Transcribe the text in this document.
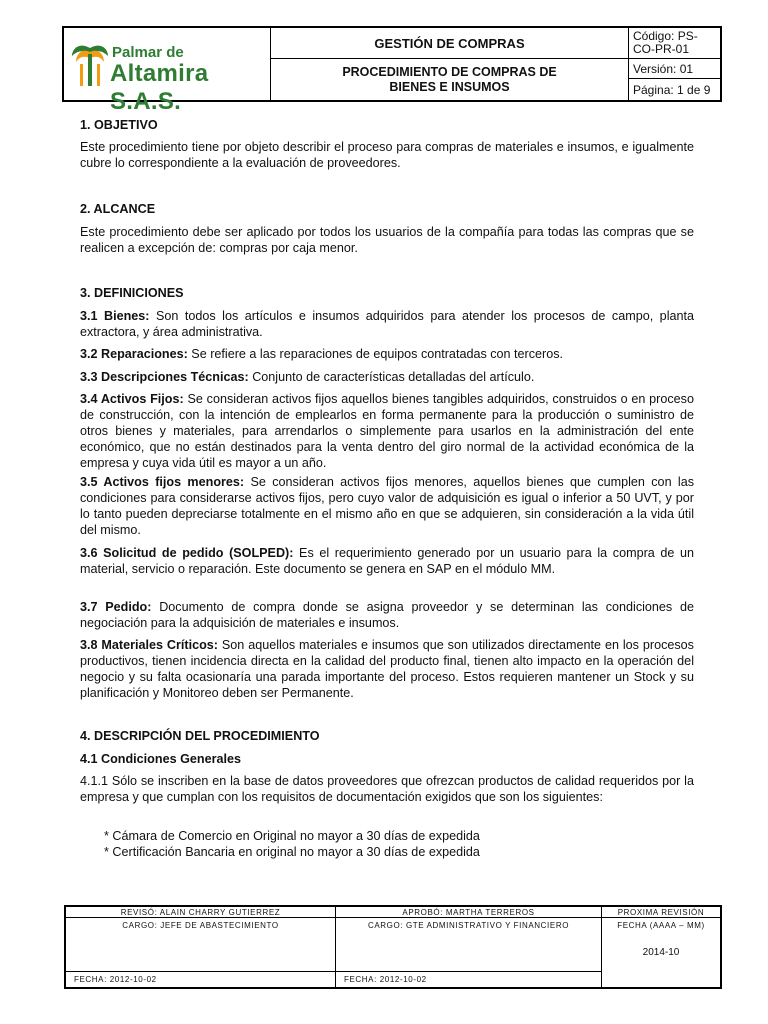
Palmar de
Altamira S.A.S.
GESTIÓN DE COMPRAS
PROCEDIMIENTO DE COMPRAS DE
BIENES E INSUMOS
Código: PS-CO-PR-01
Versión: 01
Página: 1 de 9
1. OBJETIVO

Este procedimiento tiene por objeto describir el proceso para compras de materiales e insumos, e igualmente cubre lo correspondiente a la evaluación de proveedores.

2. ALCANCE

Este procedimiento debe ser aplicado por todos los usuarios de la compañía para todas las compras que se realicen a excepción de: compras por caja menor.

3. DEFINICIONES

3.1 Bienes: Son todos los artículos e insumos adquiridos para atender los procesos de campo, planta extractora, y área administrativa.

3.2 Reparaciones: Se refiere a las reparaciones de equipos contratadas con terceros.

3.3 Descripciones Técnicas: Conjunto de características detalladas del artículo.

3.4 Activos Fijos: Se consideran activos fijos aquellos bienes tangibles adquiridos, construidos o en proceso de construcción, con la intención de emplearlos en forma permanente para la producción o suministro de otros bienes y materiales, para arrendarlos o simplemente para usarlos en la administración del ente económico, que no están destinados para la venta dentro del giro normal de la actividad económica de la empresa y cuya vida útil es mayor a un año.

3.5 Activos fijos menores: Se consideran activos fijos menores, aquellos bienes que cumplen con las condiciones para considerarse activos fijos, pero cuyo valor de adquisición es igual o inferior a 50 UVT, y por lo tanto pueden depreciarse totalmente en el mismo año en que se adquieren, sin consideración a la vida útil del mismo.

3.6 Solicitud de pedido (SOLPED): Es el requerimiento generado por un usuario para la compra de un material, servicio o reparación. Este documento se genera en SAP en el módulo MM.

3.7 Pedido: Documento de compra donde se asigna proveedor y se determinan las condiciones de negociación para la adquisición de materiales e insumos.

3.8 Materiales Críticos: Son aquellos materiales e insumos que son utilizados directamente en los procesos productivos, tienen incidencia directa en la calidad del producto final, tienen alto impacto en la operación del negocio y su falta ocasionaría una parada importante del proceso. Estos requieren mantener un Stock y su planificación y Monitoreo deben ser Permanente.

4. DESCRIPCIÓN DEL PROCEDIMIENTO
4.1 Condiciones Generales

4.1.1 Sólo se inscriben en la base de datos proveedores que ofrezcan productos de calidad requeridos por la empresa y que cumplan con los requisitos de documentación exigidos que son los siguientes:

* Cámara de Comercio en Original no mayor a 30 días de expedida
* Certificación Bancaria en original no mayor a 30 días de expedida
REVISÓ: ALAIN CHARRY GUTIERREZ	APROBÓ: MARTHA TERREROS	PROXIMA REVISIÓN
CARGO: JEFE DE ABASTECIMIENTO	CARGO: GTE ADMINISTRATIVO Y FINANCIERO	FECHA (AAAA – MM)
2014-10
FECHA: 2012-10-02	FECHA: 2012-10-02
